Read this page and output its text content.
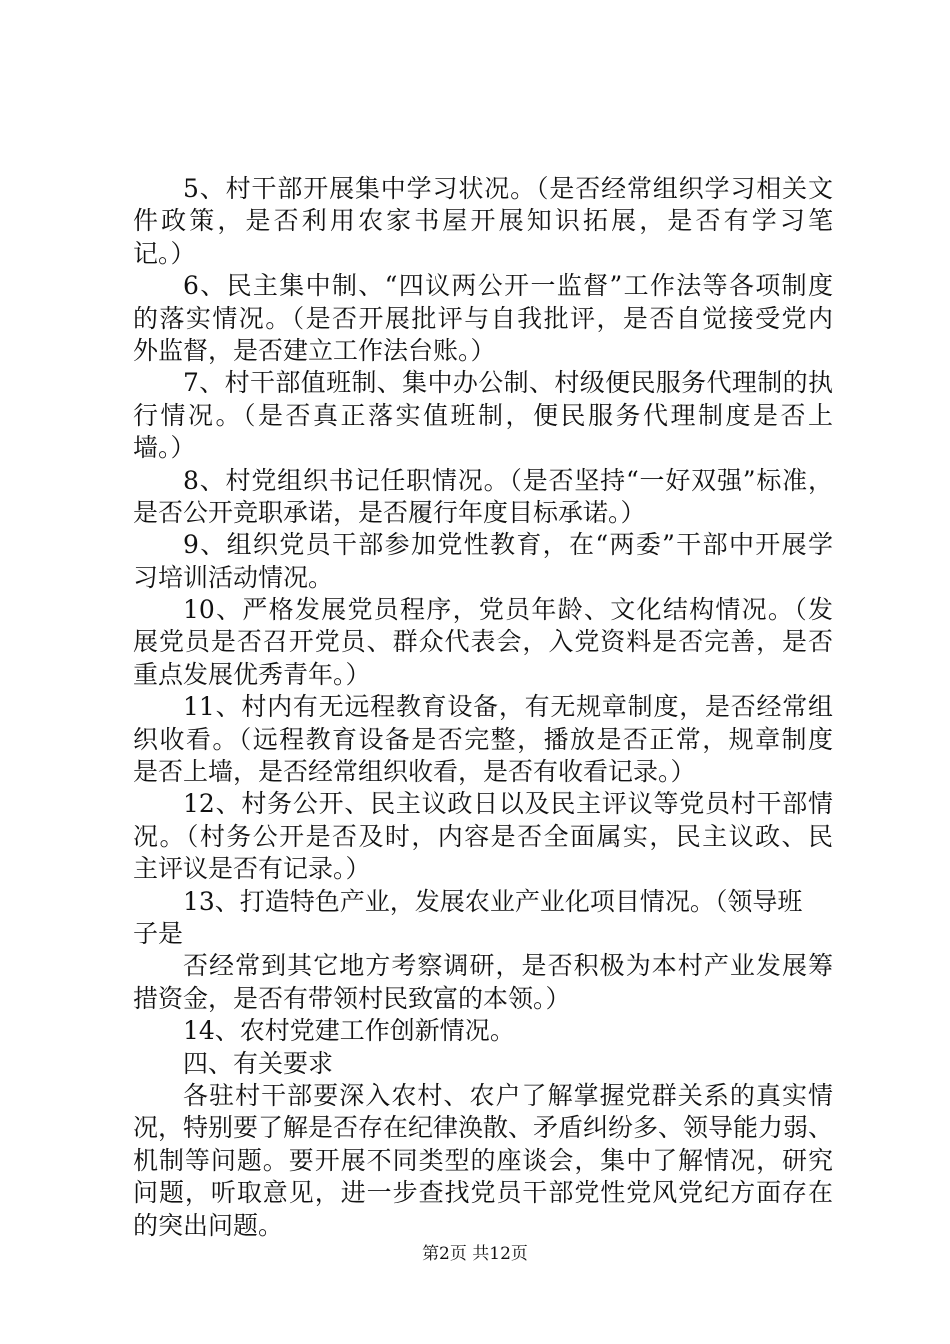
5、村干部开展集中学习状况。（是否经常组织学习相关文
件政策，是否利用农家书屋开展知识拓展，是否有学习笔
记。）
6、民主集中制、“四议两公开一监督”工作法等各项制度
的落实情况。（是否开展批评与自我批评，是否自觉接受党内
外监督，是否建立工作法台账。）
7、村干部值班制、集中办公制、村级便民服务代理制的执
行情况。（是否真正落实值班制，便民服务代理制度是否上
墙。）
8、村党组织书记任职情况。（是否坚持“一好双强”标准，
是否公开竞职承诺，是否履行年度目标承诺。）
9、组织党员干部参加党性教育，在“两委”干部中开展学
习培训活动情况。
10、严格发展党员程序，党员年龄、文化结构情况。（发
展党员是否召开党员、群众代表会，入党资料是否完善，是否
重点发展优秀青年。）
11、村内有无远程教育设备，有无规章制度，是否经常组
织收看。（远程教育设备是否完整，播放是否正常，规章制度
是否上墙，是否经常组织收看，是否有收看记录。）
12、村务公开、民主议政日以及民主评议等党员村干部情
况。（村务公开是否及时，内容是否全面属实，民主议政、民
主评议是否有记录。）
13、打造特色产业，发展农业产业化项目情况。（领导班
子是
否经常到其它地方考察调研，是否积极为本村产业发展筹
措资金，是否有带领村民致富的本领。）
14、农村党建工作创新情况。
四、有关要求
各驻村干部要深入农村、农户了解掌握党群关系的真实情
况，特别要了解是否存在纪律涣散、矛盾纠纷多、领导能力弱、
机制等问题。要开展不同类型的座谈会，集中了解情况，研究
问题，听取意见，进一步查找党员干部党性党风党纪方面存在
的突出问题。
第2页 共12页
